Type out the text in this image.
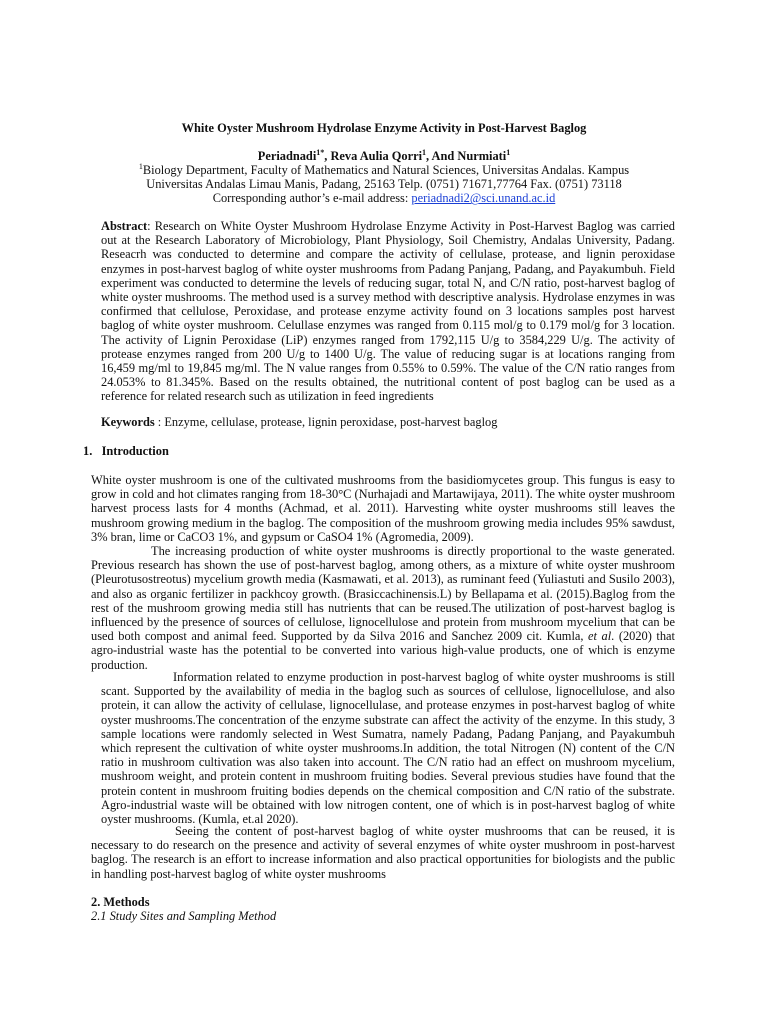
White Oyster Mushroom Hydrolase Enzyme Activity in Post-Harvest Baglog
Periadnadi$^{1*}$, Reva Aulia Qorri$^1$, And Nurmiati$^1$
$^1$Biology Department, Faculty of Mathematics and Natural Sciences, Universitas Andalas. Kampus
Universitas Andalas Limau Manis, Padang, 25163 Telp. (0751) 71671,77764 Fax. (0751) 73118
Corresponding author’s e-mail address: periadnadi2@sci.unand.ac.id

Abstract: Research on White Oyster Mushroom Hydrolase Enzyme Activity in Post-Harvest Baglog was carried out at the Research Laboratory of Microbiology, Plant Physiology, Soil Chemistry, Andalas University, Padang. Reseacrh was conducted to determine and compare the activity of cellulase, protease, and lignin peroxidase enzymes in post-harvest baglog of white oyster mushrooms from Padang Panjang, Padang, and Payakumbuh. Field experiment was conducted to determine the levels of reducing sugar, total N, and C/N ratio, post-harvest baglog of white oyster mushrooms. The method used is a survey method with descriptive analysis. Hydrolase enzymes in was confirmed that cellulose, Peroxidase, and protease enzyme activity found on 3 locations samples post harvest baglog of white oyster mushroom. Celullase enzymes was ranged from 0.115 mol/g to 0.179 mol/g for 3 location. The activity of Lignin Peroxidase (LiP) enzymes ranged from 1792,115 U/g to 3584,229 U/g. The activity of protease enzymes ranged from 200 U/g to 1400 U/g. The value of reducing sugar is at locations ranging from 16,459 mg/ml to 19,845 mg/ml. The N value ranges from 0.55% to 0.59%. The value of the C/N ratio ranges from 24.053% to 81.345%. Based on the results obtained, the nutritional content of post baglog can be used as a reference for related research such as utilization in feed ingredients

Keywords : Enzyme, cellulase, protease, lignin peroxidase, post-harvest baglog
1.   Introduction

White oyster mushroom is one of the cultivated mushrooms from the basidiomycetes group. This fungus is easy to grow in cold and hot climates ranging from 18-30°C (Nurhajadi and Martawijaya, 2011). The white oyster mushroom harvest process lasts for 4 months (Achmad, et al. 2011). Harvesting white oyster mushrooms still leaves the mushroom growing medium in the baglog. The composition of the mushroom growing media includes 95% sawdust, 3% bran, lime or CaCO3 1%, and gypsum or CaSO4 1% (Agromedia, 2009).

The increasing production of white oyster mushrooms is directly proportional to the waste generated. Previous research has shown the use of post-harvest baglog, among others, as a mixture of white oyster mushroom (Pleurotusostreotus) mycelium growth media (Kasmawati, et al. 2013), as ruminant feed (Yuliastuti and Susilo 2003), and also as organic fertilizer in packhcoy growth. (Brasiccachinensis.L) by Bellapama et al. (2015).Baglog from the rest of the mushroom growing media still has nutrients that can be reused.The utilization of post-harvest baglog is influenced by the presence of sources of cellulose, lignocellulose and protein from mushroom mycelium that can be used both compost and animal feed. Supported by da Silva 2016 and Sanchez 2009 cit. Kumla, et al. (2020) that agro-industrial waste has the potential to be converted into various high-value products, one of which is enzyme production.

Information related to enzyme production in post-harvest baglog of white oyster mushrooms is still scant. Supported by the availability of media in the baglog such as sources of cellulose, lignocellulose, and also protein, it can allow the activity of cellulase, lignocellulase, and protease enzymes in post-harvest baglog of white oyster mushrooms.The concentration of the enzyme substrate can affect the activity of the enzyme. In this study, 3 sample locations were randomly selected in West Sumatra, namely Padang, Padang Panjang, and Payakumbuh which represent the cultivation of white oyster mushrooms.In addition, the total Nitrogen (N) content of the C/N ratio in mushroom cultivation was also taken into account. The C/N ratio had an effect on mushroom mycelium, mushroom weight, and protein content in mushroom fruiting bodies. Several previous studies have found that the protein content in mushroom fruiting bodies depends on the chemical composition and C/N ratio of the substrate. Agro-industrial waste will be obtained with low nitrogen content, one of which is in post-harvest baglog of white oyster mushrooms. (Kumla, et.al 2020).

Seeing the content of post-harvest baglog of white oyster mushrooms that can be reused, it is necessary to do research on the presence and activity of several enzymes of white oyster mushroom in post-harvest baglog. The research is an effort to increase information and also practical opportunities for biologists and the public in handling post-harvest baglog of white oyster mushrooms

2. Methods
2.1 Study Sites and Sampling Method
